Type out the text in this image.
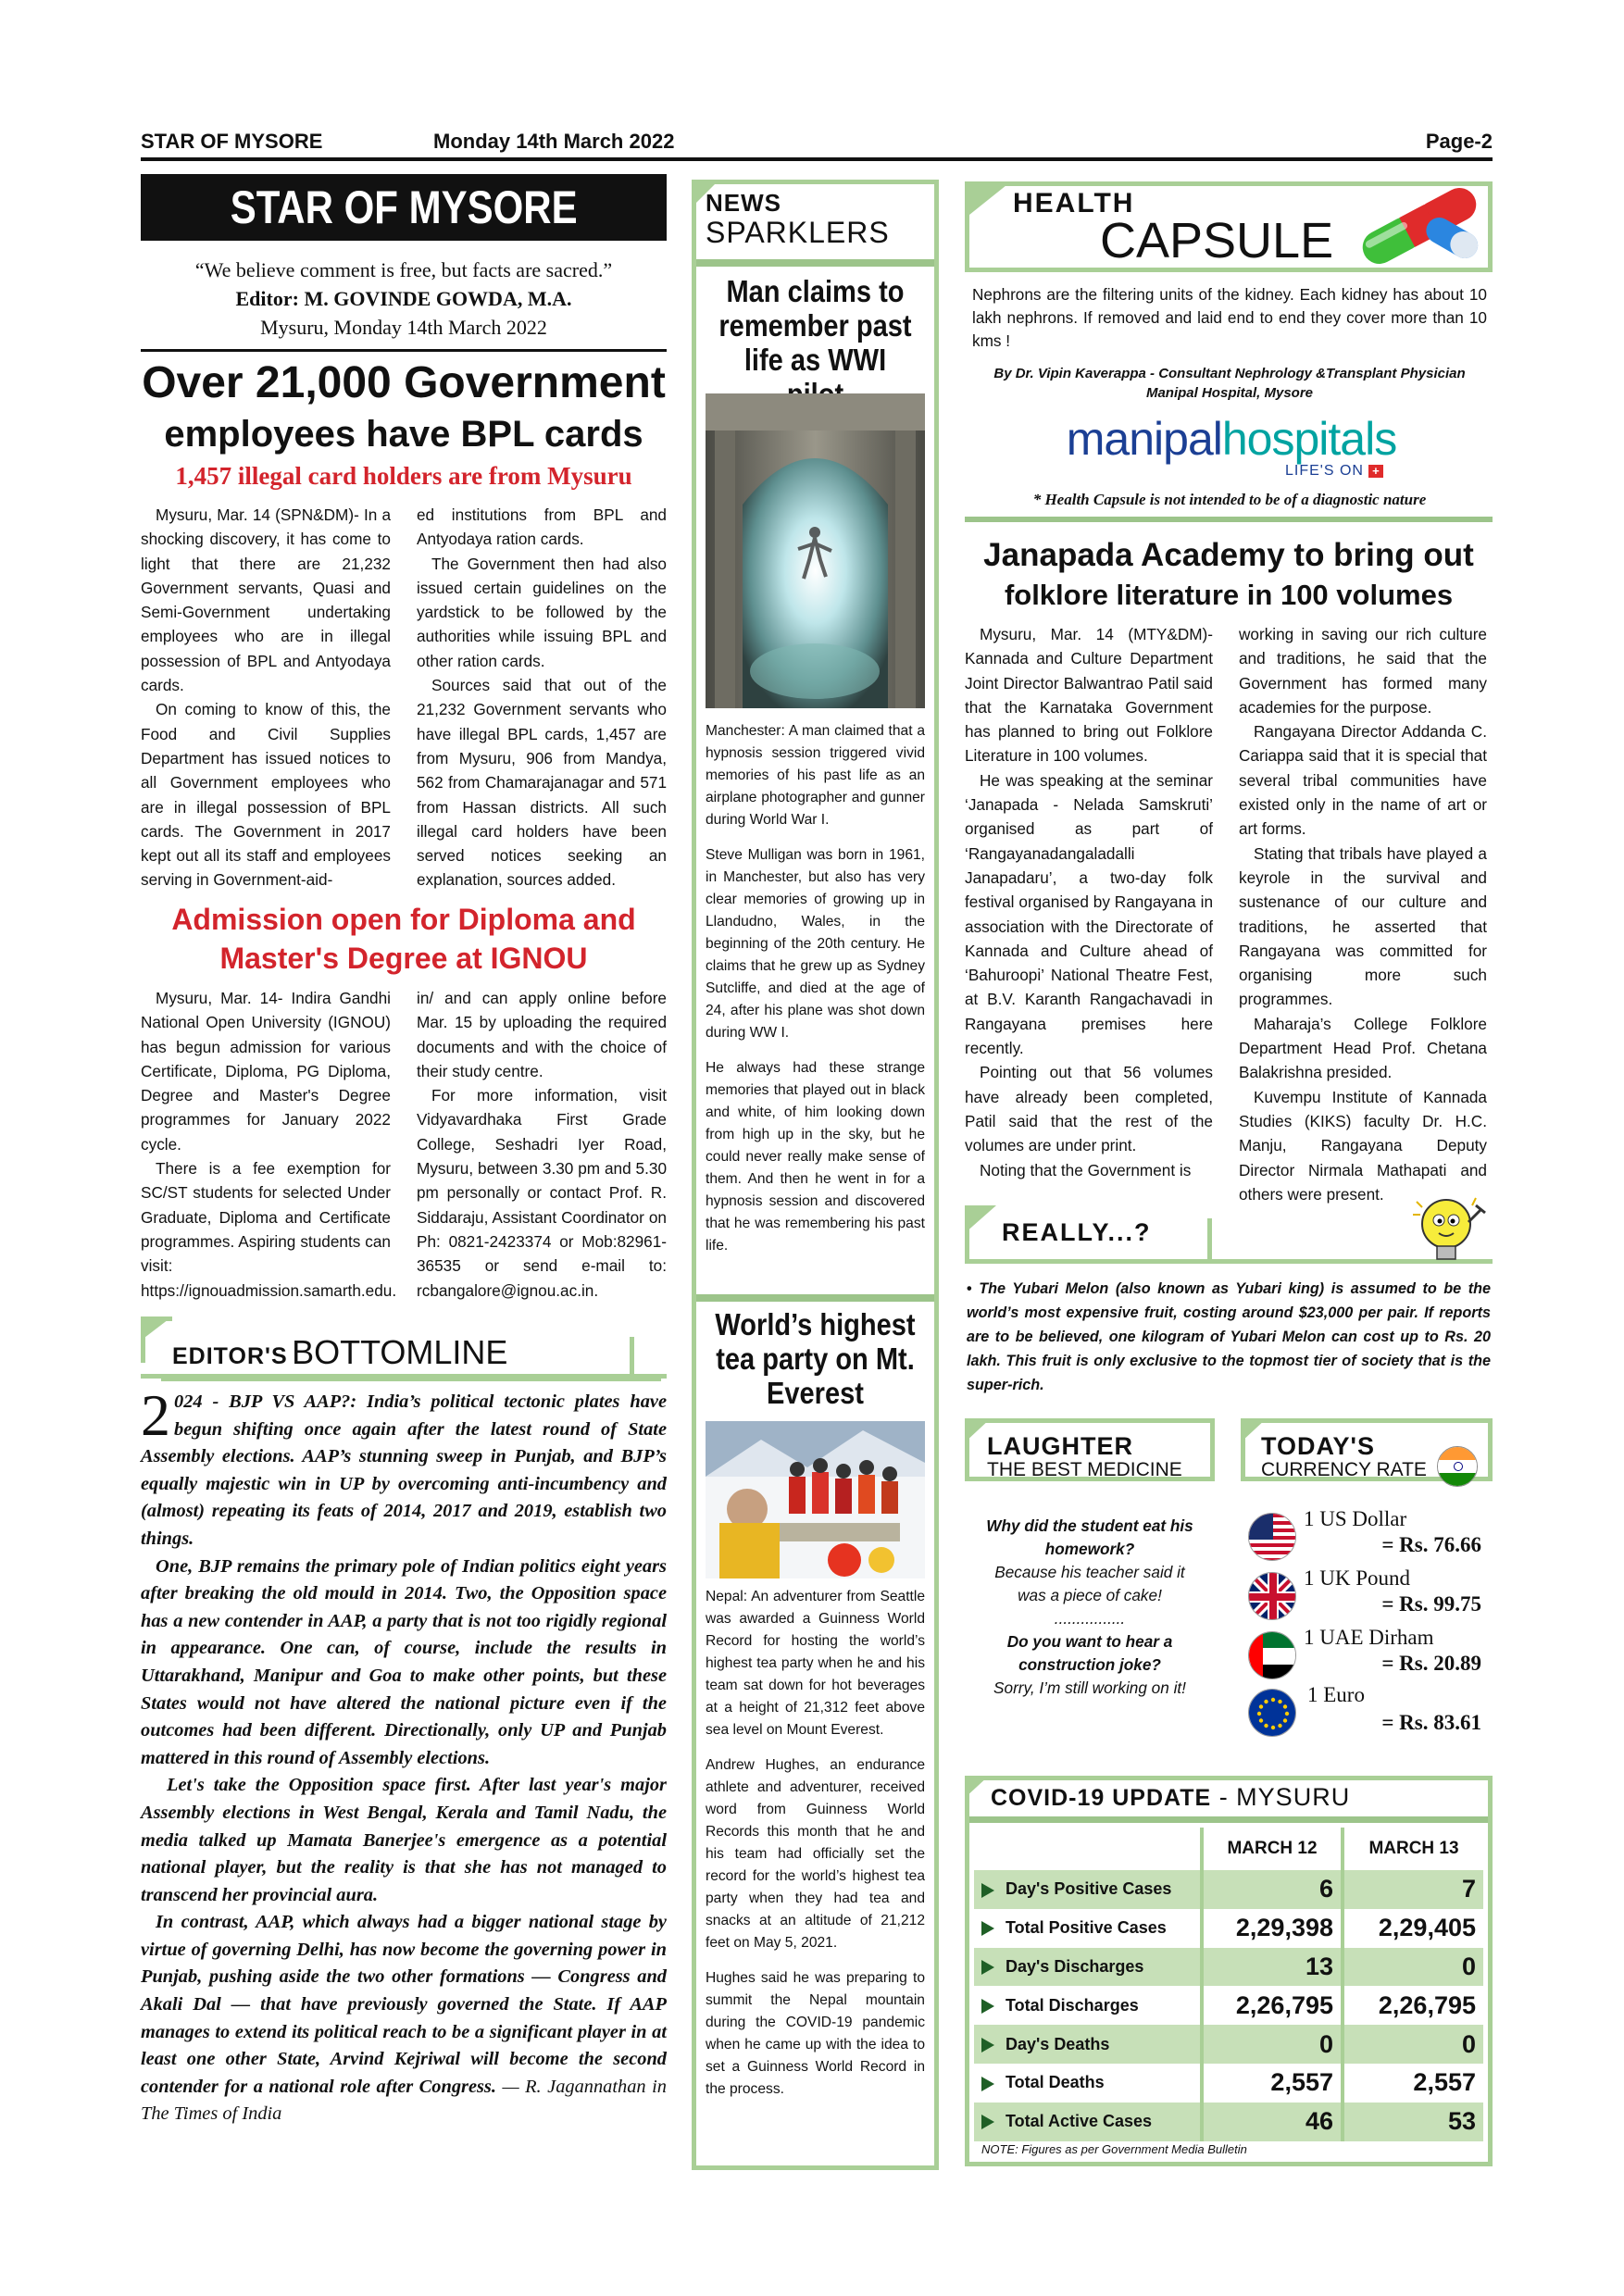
STAR OF MYSORE	Monday 14th March 2022	Page-2
STAR OF MYSORE
“We believe comment is free, but facts are sacred.”
Editor: M. GOVINDE GOWDA, M.A.
Mysuru, Monday 14th March 2022
Over 21,000 Government
employees have BPL cards
1,457 illegal card holders are from Mysuru

Mysuru, Mar. 14 (SPN&DM)- In a shocking discovery, it has come to light that there are 21,232 Government servants, Quasi and Semi-Government undertaking employees who are in illegal possession of BPL and Antyodaya cards.

On coming to know of this, the Food and Civil Supplies Department has issued notices to all Government employees who are in illegal possession of BPL cards. The Government in 2017 kept out all its staff and employees serving in Government-aid-

ed institutions from BPL and Antyodaya ration cards.

The Government then had also issued certain guidelines on the yardstick to be followed by the authorities while issuing BPL and other ration cards.

Sources said that out of the 21,232 Government servants who have illegal BPL cards, 1,457 are from Mysuru, 906 from Mandya, 562 from Chamarajanagar and 571 from Hassan districts. All such illegal card holders have been served notices seeking an explanation, sources added.

Admission open for Diploma and
Master's Degree at IGNOU

Mysuru, Mar. 14- Indira Gandhi National Open University (IGNOU) has begun admission for various Certificate, Diploma, PG Diploma, Degree and Master's Degree programmes for January 2022 cycle.

There is a fee exemption for SC/ST students for selected Under Graduate, Diploma and Certificate programmes. Aspiring students can visit: https://ignouadmission.samarth.edu.

in/ and can apply online before Mar. 15 by uploading the required documents and with the choice of their study centre.

For more information, visit Vidyavardhaka First Grade College, Seshadri Iyer Road, Mysuru, between 3.30 pm and 5.30 pm personally or contact Prof. R. Siddaraju, Assistant Coordinator on Ph: 0821-2423374 or Mob:82961-36535 or send e-mail to: rcbangalore@ignou.ac.in.

EDITOR'S BOTTOMLINE

2 024 - BJP VS AAP?: India’s political tectonic plates have begun shifting once again after the latest round of State Assembly elections. AAP’s stunning sweep in Punjab, and BJP’s equally majestic win in UP by overcoming anti-incumbency and (almost) repeating its feats of 2014, 2017 and 2019, establish two things.

One, BJP remains the primary pole of Indian politics eight years after breaking the old mould in 2014. Two, the Opposition space has a new contender in AAP, a party that is not too rigidly regional in appearance. One can, of course, include the results in Uttarakhand, Manipur and Goa to make other points, but these States would not have altered the national picture even if the outcomes had been different. Directionally, only UP and Punjab mattered in this round of Assembly elections.

Let's take the Opposition space first. After last year's major Assembly elections in West Bengal, Kerala and Tamil Nadu, the media talked up Mamata Banerjee's emergence as a potential national player, but the reality is that she has not managed to transcend her provincial aura.

In contrast, AAP, which always had a bigger national stage by virtue of governing Delhi, has now become the governing power in Punjab, pushing aside the two other formations — Congress and Akali Dal — that have previously governed the State. If AAP manages to extend its political reach to be a significant player in at least one other State, Arvind Kejriwal will become the second contender for a national role after Congress. — R. Jagannathan in The Times of India

NEWS
SPARKLERS
Man claims to remember past life as WWI

Manchester: A man claimed that a hypnosis session triggered vivid memories of his past life as an airplane photographer and gunner during World War I.

Steve Mulligan was born in 1961, in Manchester, but also has very clear memories of growing up in Llandudno, Wales, in the beginning of the 20th century. He claims that he grew up as Sydney Sutcliffe, and died at the age of 24, after his plane was shot down during WW I.

He always had these strange memories that played out in black and white, of him looking down from high up in the sky, but he could never really make sense of them. And then he went in for a hypnosis session and discovered that he was remembering his past life.

World’s highest tea party on Mt. Everest

Nepal: An adventurer from Seattle was awarded a Guinness World Record for hosting the world’s highest tea party when he and his team sat down for hot beverages at a height of 21,312 feet above sea level on Mount Everest.

Andrew Hughes, an endurance athlete and adventurer, received word from Guinness World Records this month that he and his team had officially set the record for the world’s highest tea party when they had tea and snacks at an altitude of 21,212 feet on May 5, 2021.

Hughes said he was preparing to summit the Nepal mountain during the COVID-19 pandemic when he came up with the idea to set a Guinness World Record in the process.

HEALTH
CAPSULE
Nephrons are the filtering units of the kidney. Each kidney has about 10 lakh nephrons. If removed and laid end to end they cover more than 10 kms !
By Dr. Vipin Kaverappa - Consultant Nephrology &Transplant Physician
Manipal Hospital, Mysore
manipalhospitals
LIFE'S ON +
* Health Capsule is not intended to be of a diagnostic nature
Janapada Academy to bring out
folklore literature in 100 volumes

Mysuru, Mar. 14 (MTY&DM)- Kannada and Culture Department Joint Director Balwantrao Patil said that the Karnataka Government has planned to bring out Folklore Literature in 100 volumes.

He was speaking at the seminar ‘Janapada - Nelada Samskruti’ organised as part of ‘Rangayanadangaladalli Janapadaru’, a two-day folk festival organised by Rangayana in association with the Directorate of Kannada and Culture ahead of ‘Bahuroopi’ National Theatre Fest, at B.V. Karanth Rangachavadi in Rangayana premises here recently.

Pointing out that 56 volumes have already been completed, Patil said that the rest of the volumes are under print.

Noting that the Government is

working in saving our rich culture and traditions, he said that the Government has formed many academies for the purpose.

Rangayana Director Addanda C. Cariappa said that it is special that several tribal communities have existed only in the name of art or art forms.

Stating that tribals have played a keyrole in the survival and sustenance of our culture and traditions, he asserted that Rangayana was committed for organising more such programmes.

Maharaja’s College Folklore Department Head Prof. Chetana Balakrishna presided.

Kuvempu Institute of Kannada Studies (KIKS) faculty Dr. H.C. Manju, Rangayana Deputy Director Nirmala Mathapati and others were present.

REALLY...?
• The Yubari Melon (also known as Yubari king) is assumed to be the world’s most expensive fruit, costing around $23,000 per pair. If reports are to be believed, one kilogram of Yubari Melon can cost up to Rs. 20 lakh. This fruit is only exclusive to the topmost tier of society that is the super-rich.
LAUGHTER
THE BEST MEDICINE
Why did the student eat his homework?
Because his teacher said it was a piece of cake!
................
Do you want to hear a construction joke?
Sorry, I’m still working on it!
TODAY'S
CURRENCY RATE
1 US Dollar
= Rs. 76.66
1 UK Pound
= Rs. 99.75
1 UAE Dirham
= Rs. 20.89
1 Euro
= Rs. 83.61
COVID-19 UPDATE - MYSURU
	MARCH 12	MARCH 13
Day's Positive Cases	6	7
Total Positive Cases	2,29,398	2,29,405
Day's Discharges	13	0
Total Discharges	2,26,795	2,26,795
Day's Deaths	0	0
Total Deaths	2,557	2,557
Total Active Cases	46	53
NOTE: Figures as per Government Media Bulletin
